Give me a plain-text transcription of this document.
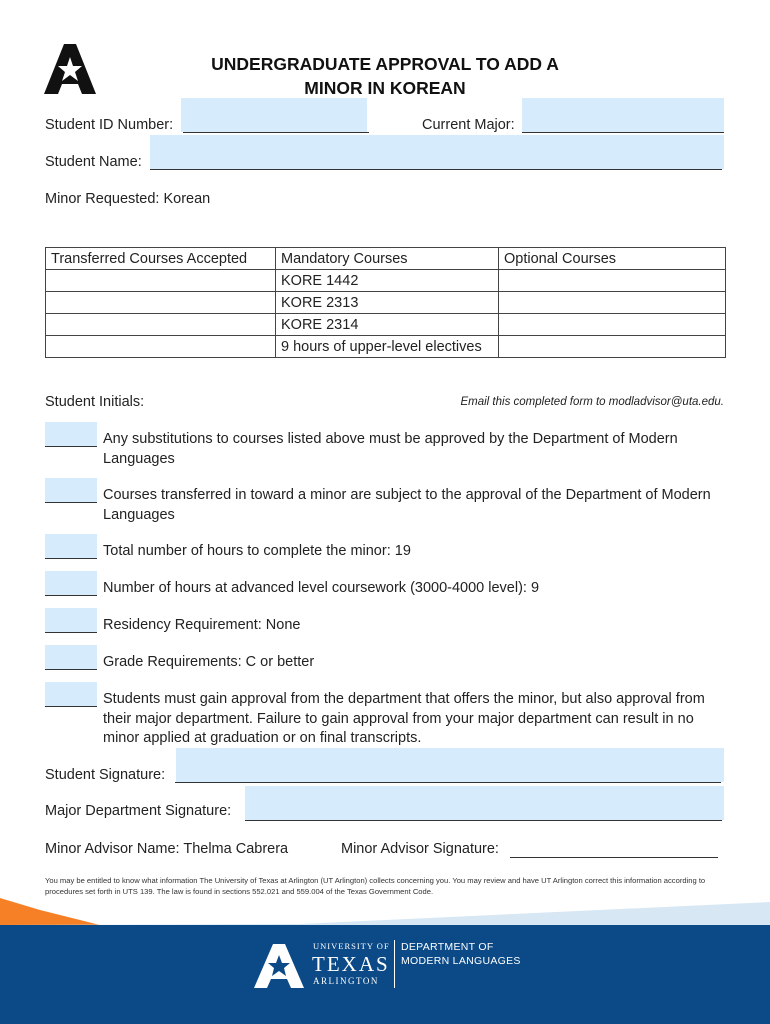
UNDERGRADUATE APPROVAL TO ADD A
MINOR IN KOREAN
Student ID Number:	Current Major:
Student Name:
Minor Requested: Korean
Transferred Courses Accepted	Mandatory Courses	Optional Courses
	KORE 1442	
	KORE 2313	
	KORE 2314	
	9 hours of upper-level electives	
Student Initials:	Email this completed form to modladvisor@uta.edu.
Any substitutions to courses listed above must be approved by the Department of Modern Languages
Courses transferred in toward a minor are subject to the approval of the Department of Modern Languages
Total number of hours to complete the minor: 19
Number of hours at advanced level coursework (3000-4000 level): 9
Residency Requirement: None
Grade Requirements: C or better
Students must gain approval from the department that offers the minor, but also approval from their major department. Failure to gain approval from your major department can result in no minor applied at graduation or on final transcripts.
Student Signature:
Major Department Signature:
Minor Advisor Name: Thelma Cabrera	Minor Advisor Signature:
You may be entitled to know what information The University of Texas at Arlington (UT Arlington) collects concerning you. You may review and have UT Arlington correct this information according to procedures set forth in UTS 139. The law is found in sections 552.021 and 559.004 of the Texas Government Code.
UNIVERSITY OF
TEXAS
ARLINGTON
DEPARTMENT OF
MODERN LANGUAGES
